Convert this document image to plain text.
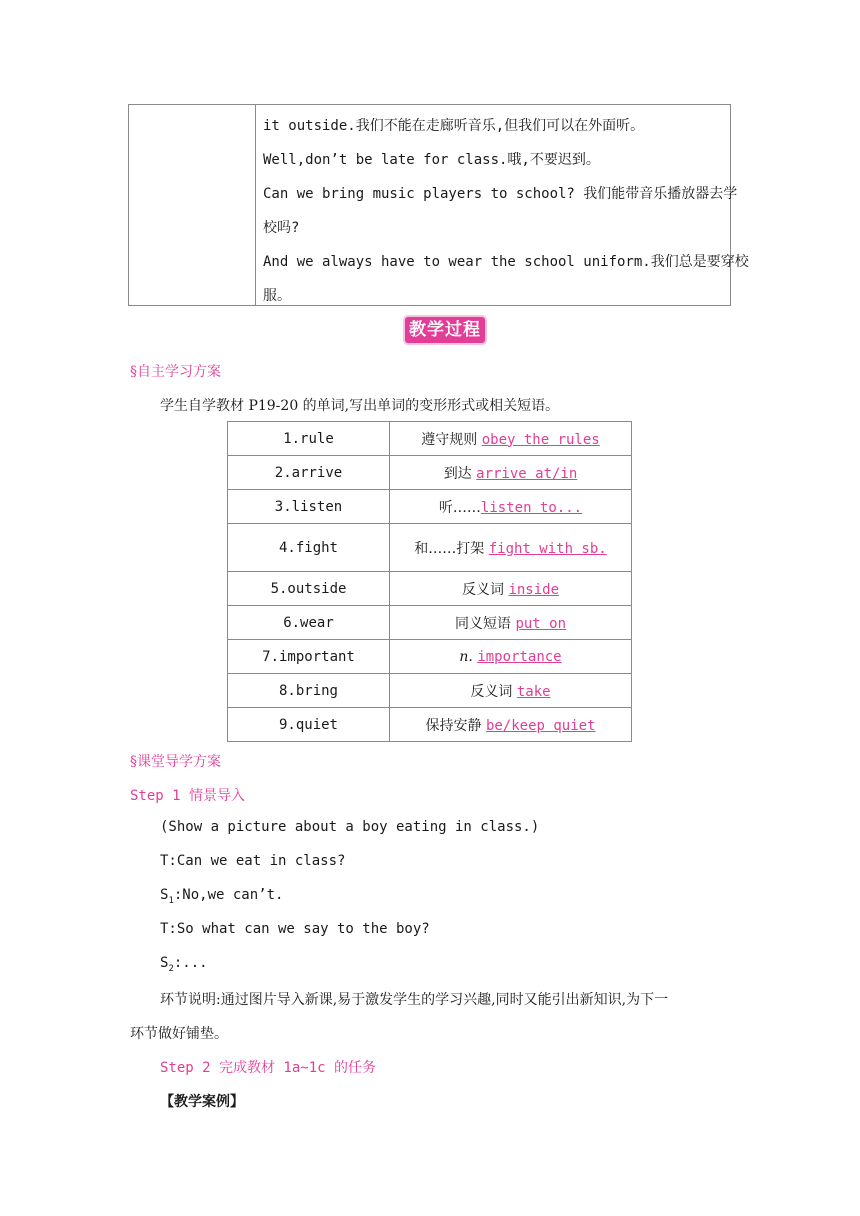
it outside.我们不能在走廊听音乐,但我们可以在外面听。
Well,don’t be late for class.哦,不要迟到。
Can we bring music players to school? 我们能带音乐播放器去学
校吗?
And we always have to wear the school uniform.我们总是要穿校
服。
教学过程
§自主学习方案
学生自学教材 P19-20 的单词,写出单词的变形形式或相关短语。
1.rule	遵守规则 obey the rules
2.arrive	到达 arrive at/in
3.listen	听……listen to...
4.fight	和……打架 fight with sb.
5.outside	反义词 inside
6.wear	同义短语 put on
7.important	n. importance
8.bring	反义词 take
9.quiet	保持安静 be/keep quiet
§课堂导学方案
Step 1 情景导入
(Show a picture about a boy eating in class.)
T:Can we eat in class?
$S_1:No,we$ can’t.
T:So what can we say to the boy?
$S_2$:...
环节说明:通过图片导入新课,易于激发学生的学习兴趣,同时又能引出新知识,为下一
环节做好铺垫。
Step 2 完成教材 1a~1c 的任务
【教学案例】
